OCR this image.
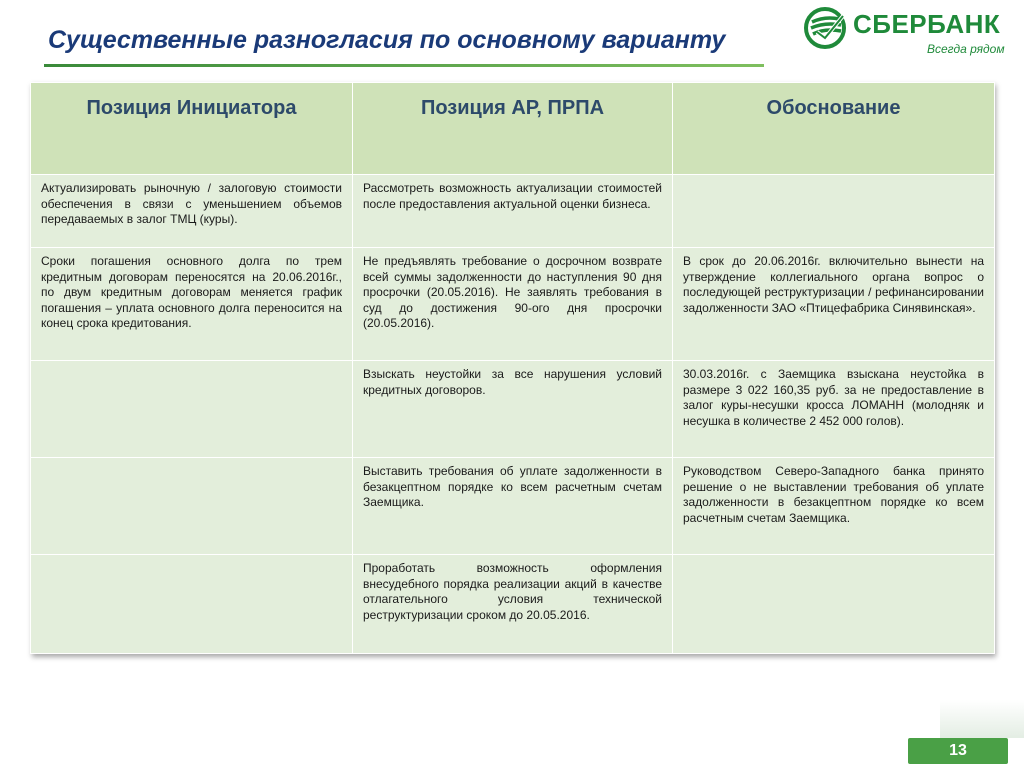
Существенные разногласия по основному варианту
СБЕРБАНК
Всегда рядом
Позиция Инициатора	Позиция АР, ПРПА	Обоснование
Актуализировать рыночную / залоговую стоимости обеспечения в связи с уменьшением объемов передаваемых в залог ТМЦ (куры).	Рассмотреть возможность актуализации стоимостей после предоставления актуальной оценки бизнеса.	
Сроки погашения основного долга по трем кредитным договорам переносятся на 20.06.2016г., по двум кредитным договорам меняется график погашения – уплата основного долга переносится на конец срока кредитования.	Не предъявлять требование о досрочном возврате всей суммы задолженности до наступления 90 дня просрочки (20.05.2016). Не заявлять требования в суд до достижения 90-ого дня просрочки (20.05.2016).	В срок до 20.06.2016г. включительно вынести на утверждение коллегиального органа вопрос о последующей реструктуризации / рефинансировании задолженности ЗАО «Птицефабрика Синявинская».
	Взыскать неустойки за все нарушения условий кредитных договоров.	30.03.2016г. с Заемщика взыскана неустойка в размере 3 022 160,35 руб. за не предоставление в залог куры-несушки кросса ЛОМАНН (молодняк и несушка в количестве 2 452 000 голов).
	Выставить требования об уплате задолженности в безакцептном порядке ко всем расчетным счетам Заемщика.	Руководством Северо-Западного банка принято решение о не выставлении требования об уплате задолженности в безакцептном порядке ко всем расчетным счетам Заемщика.
	Проработать возможность оформления внесудебного порядка реализации акций в качестве отлагательного условия технической реструктуризации сроком до 20.05.2016.	
13
